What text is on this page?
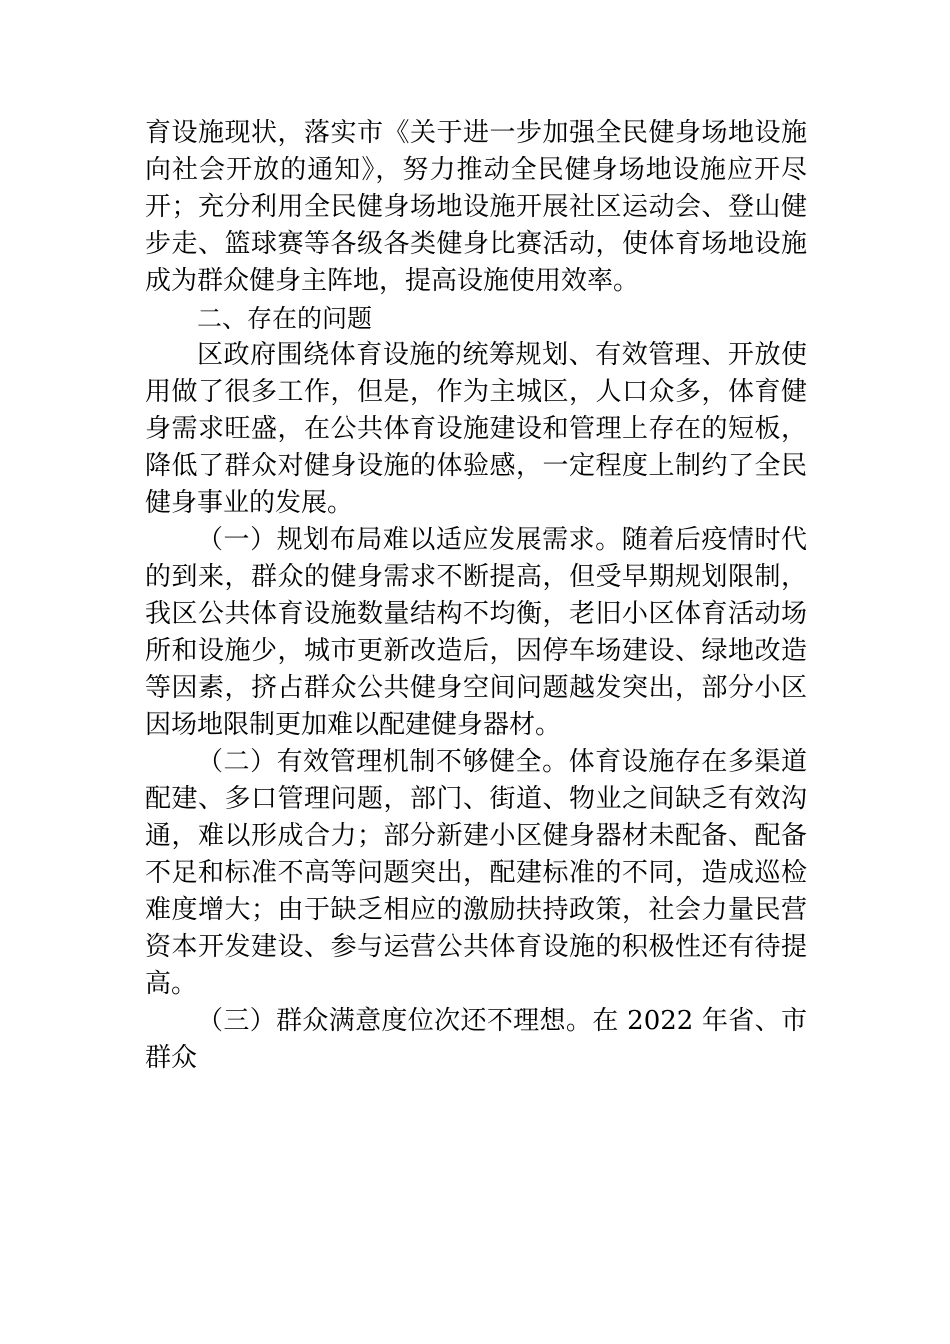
育设施现状，落实市《关于进一步加强全民健身场地设施向社会开放的通知》，努力推动全民健身场地设施应开尽开；充分利用全民健身场地设施开展社区运动会、登山健步走、篮球赛等各级各类健身比赛活动，使体育场地设施成为群众健身主阵地，提高设施使用效率。

二、存在的问题

区政府围绕体育设施的统筹规划、有效管理、开放使用做了很多工作，但是，作为主城区，人口众多，体育健身需求旺盛，在公共体育设施建设和管理上存在的短板，降低了群众对健身设施的体验感，一定程度上制约了全民健身事业的发展。

（一）规划布局难以适应发展需求。随着后疫情时代的到来，群众的健身需求不断提高，但受早期规划限制，我区公共体育设施数量结构不均衡，老旧小区体育活动场所和设施少，城市更新改造后，因停车场建设、绿地改造等因素，挤占群众公共健身空间问题越发突出，部分小区因场地限制更加难以配建健身器材。

（二）有效管理机制不够健全。体育设施存在多渠道配建、多口管理问题，部门、街道、物业之间缺乏有效沟通，难以形成合力；部分新建小区健身器材未配备、配备不足和标准不高等问题突出，配建标准的不同，造成巡检难度增大；由于缺乏相应的激励扶持政策，社会力量民营资本开发建设、参与运营公共体育设施的积极性还有待提高。

（三）群众满意度位次还不理想。在 2022 年省、市群众
